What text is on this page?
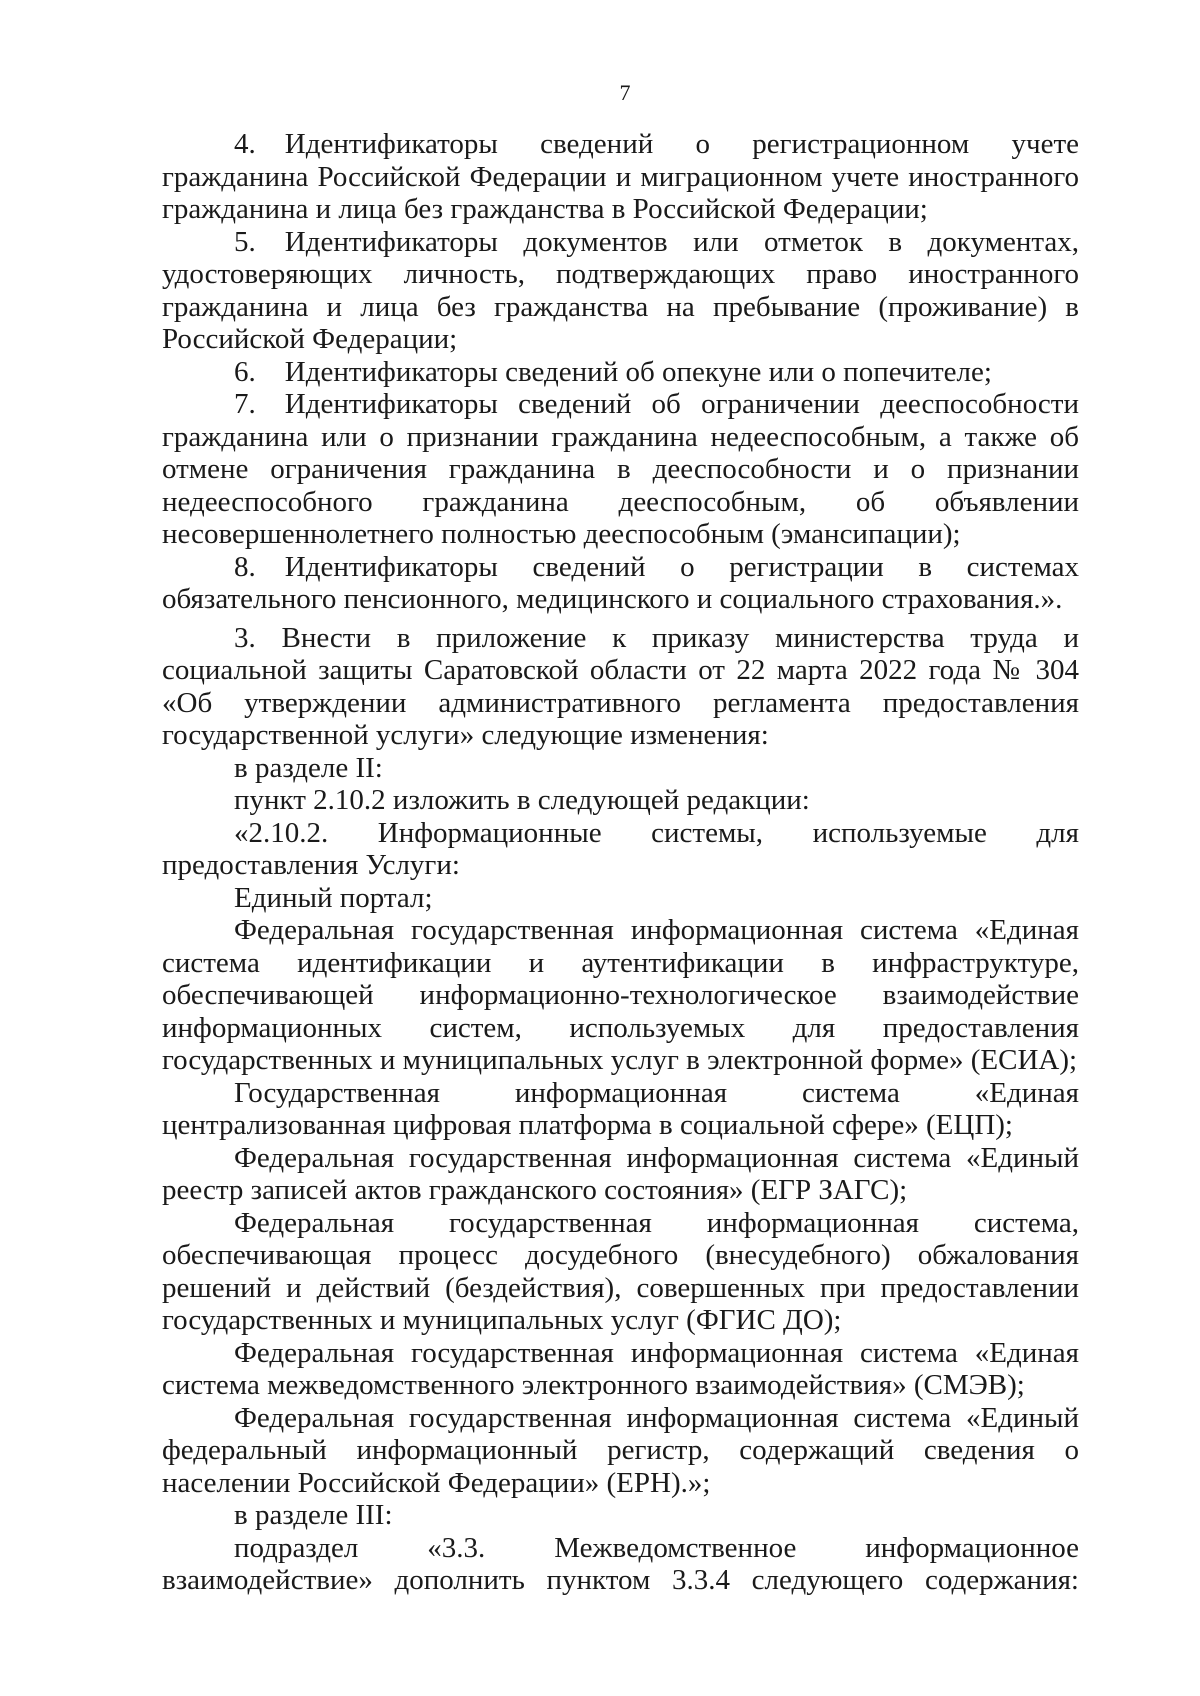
7

4. Идентификаторы сведений о регистрационном учете гражданина Российской Федерации и миграционном учете иностранного гражданина и лица без гражданства в Российской Федерации;

5. Идентификаторы документов или отметок в документах, удостоверяющих личность, подтверждающих право иностранного гражданина и лица без гражданства на пребывание (проживание) в Российской Федерации;

6. Идентификаторы сведений об опекуне или о попечителе;

7. Идентификаторы сведений об ограничении дееспособности гражданина или о признании гражданина недееспособным, а также об отмене ограничения гражданина в дееспособности и о признании недееспособного гражданина дееспособным, об объявлении несовершеннолетнего полностью дееспособным (эмансипации);

8. Идентификаторы сведений о регистрации в системах обязательного пенсионного, медицинского и социального страхования.».

3. Внести в приложение к приказу министерства труда и социальной защиты Саратовской области от 22 марта 2022 года № 304 «Об утверждении административного регламента предоставления государственной услуги» следующие изменения:

в разделе II:

пункт 2.10.2 изложить в следующей редакции:

«2.10.2. Информационные системы, используемые для предоставления Услуги:

Единый портал;

Федеральная государственная информационная система «Единая система идентификации и аутентификации в инфраструктуре, обеспечивающей информационно-технологическое взаимодействие информационных систем, используемых для предоставления государственных и муниципальных услуг в электронной форме» (ЕСИА);

Государственная информационная система «Единая централизованная цифровая платформа в социальной сфере» (ЕЦП);

Федеральная государственная информационная система «Единый реестр записей актов гражданского состояния» (ЕГР ЗАГС);

Федеральная государственная информационная система, обеспечивающая процесс досудебного (внесудебного) обжалования решений и действий (бездействия), совершенных при предоставлении государственных и муниципальных услуг (ФГИС ДО);

Федеральная государственная информационная система «Единая система межведомственного электронного взаимодействия» (СМЭВ);

Федеральная государственная информационная система «Единый федеральный информационный регистр, содержащий сведения о населении Российской Федерации» (ЕРН).»;

в разделе III:

подраздел «3.3. Межведомственное информационное взаимодействие» дополнить пунктом 3.3.4 следующего содержания:
